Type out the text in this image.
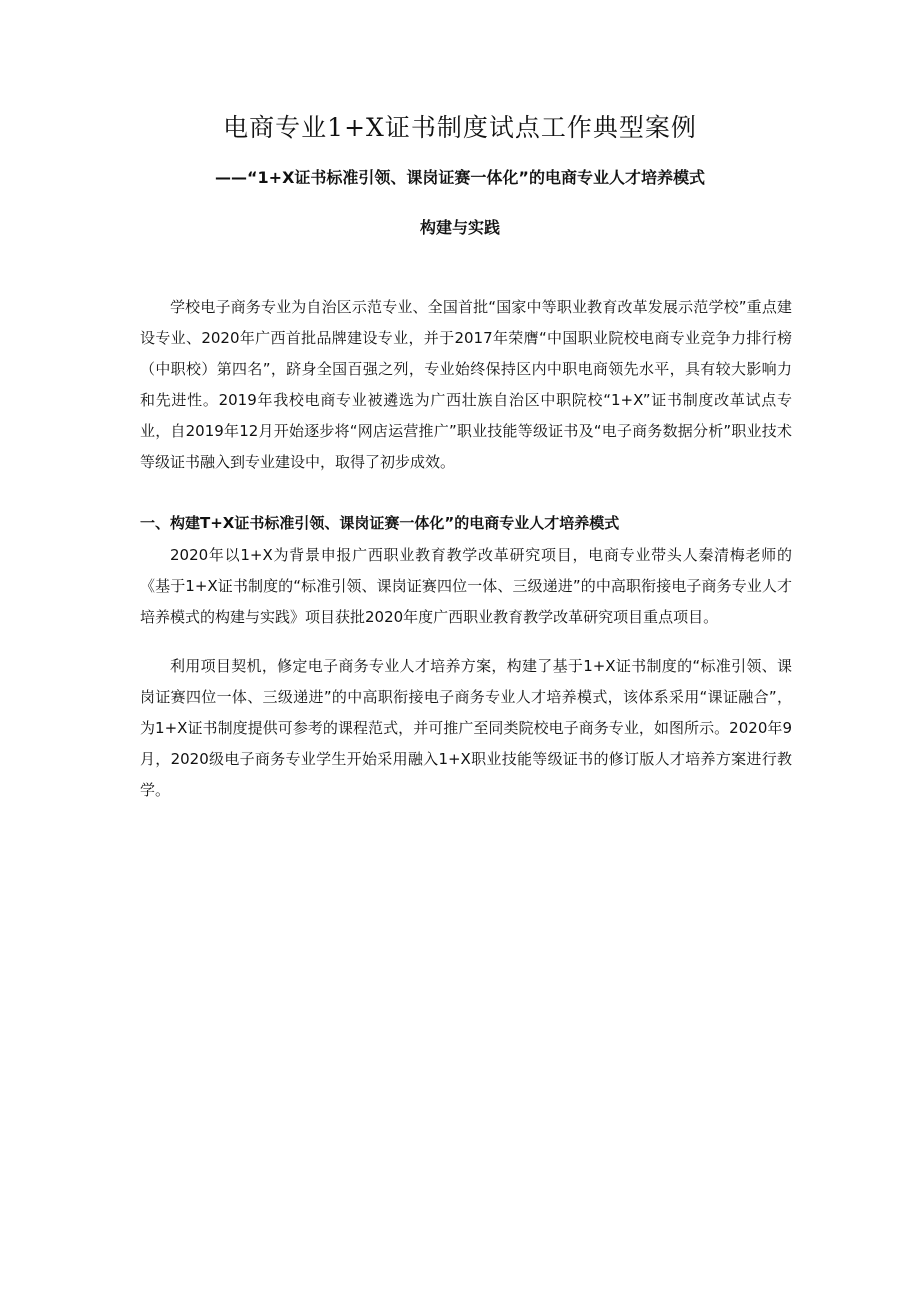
电商专业1+X证书制度试点工作典型案例
——“1+X证书标准引领、课岗证赛一体化”的电商专业人才培养模式
构建与实践

学校电子商务专业为自治区示范专业、全国首批“国家中等职业教育改革发展示范学校”重点建设专业、2020年广西首批品牌建设专业，并于2017年荣膺“中国职业院校电商专业竞争力排行榜（中职校）第四名”，跻身全国百强之列，专业始终保持区内中职电商领先水平，具有较大影响力和先进性。2019年我校电商专业被遴选为广西壮族自治区中职院校“1+X”证书制度改革试点专业，自2019年12月开始逐步将“网店运营推广”职业技能等级证书及“电子商务数据分析”职业技术等级证书融入到专业建设中，取得了初步成效。

一、构建T+X证书标准引领、课岗证赛一体化”的电商专业人才培养模式

2020年以1+X为背景申报广西职业教育教学改革研究项目，电商专业带头人秦清梅老师的《基于1+X证书制度的“标准引领、课岗证赛四位一体、三级递进”的中高职衔接电子商务专业人才培养模式的构建与实践》项目获批2020年度广西职业教育教学改革研究项目重点项目。

利用项目契机，修定电子商务专业人才培养方案，构建了基于1+X证书制度的“标准引领、课岗证赛四位一体、三级递进”的中高职衔接电子商务专业人才培养模式，该体系采用“课证融合”，为1+X证书制度提供可参考的课程范式，并可推广至同类院校电子商务专业，如图所示。2020年9月，2020级电子商务专业学生开始采用融入1+X职业技能等级证书的修订版人才培养方案进行教学。
